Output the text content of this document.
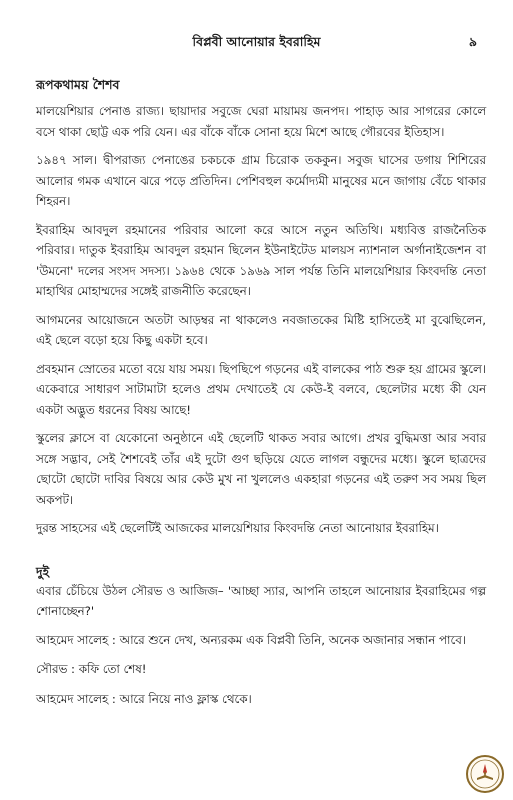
বিপ্লবী আনোয়ার ইবরাহিম	৯
রূপকথাময় শৈশব

মালয়েশিয়ার পেনাঙ রাজ্য। ছায়াদার সবুজে ঘেরা মায়াময় জনপদ। পাহাড় আর সাগরের কোলে বসে থাকা ছোট্ট এক পরি যেন। এর বাঁকে বাঁকে সোনা হয়ে মিশে আছে গৌরবের ইতিহাস।

১৯৪৭ সাল। দ্বীপরাজ্য পেনাঙের চকচকে গ্রাম চিরোক তককুন। সবুজ ঘাসের ডগায় শিশিরের আলোর গমক এখানে ঝরে পড়ে প্রতিদিন। পেশিবহুল কর্মোদ্যমী মানুষের মনে জাগায় বেঁচে থাকার শিহরন।

ইবরাহিম আবদুল রহমানের পরিবার আলো করে আসে নতুন অতিথি। মধ্যবিত্ত রাজনৈতিক পরিবার। দাতুক ইবরাহিম আবদুল রহমান ছিলেন ইউনাইটেড মালয়স ন্যাশনাল অর্গানাইজেশন বা 'উমনো' দলের সংসদ সদস্য। ১৯৬৪ থেকে ১৯৬৯ সাল পর্যন্ত তিনি মালয়েশিয়ার কিংবদন্তি নেতা মাহাথির মোহাম্মদের সঙ্গেই রাজনীতি করেছেন।

আগমনের আয়োজনে অতটা আড়ম্বর না থাকলেও নবজাতকের মিষ্টি হাসিতেই মা বুঝেছিলেন, এই ছেলে বড়ো হয়ে কিছু একটা হবে।

প্রবহমান স্রোতের মতো বয়ে যায় সময়। ছিপছিপে গড়নের এই বালকের পাঠ শুরু হয় গ্রামের স্কুলে। একেবারে সাধারণ সাটামাটা হলেও প্রথম দেখাতেই যে কেউ-ই বলবে, ছেলেটার মধ্যে কী যেন একটা অদ্ভুত ধরনের বিষয় আছে!

স্কুলের ক্লাসে বা যেকোনো অনুষ্ঠানে এই ছেলেটি থাকত সবার আগে। প্রখর বুদ্ধিমত্তা আর সবার সঙ্গে সদ্ভাব, সেই শৈশবেই তাঁর এই দুটো গুণ ছড়িয়ে যেতে লাগল বন্ধুদের মধ্যে। স্কুলে ছাত্রদের ছোটো ছোটো দাবির বিষয়ে আর কেউ মুখ না খুললেও একহারা গড়নের এই তরুণ সব সময় ছিল অকপট।

দুরন্ত সাহসের এই ছেলেটিই আজকের মালয়েশিয়ার কিংবদন্তি নেতা আনোয়ার ইবরাহিম।

দুই

এবার চেঁচিয়ে উঠল সৌরভ ও আজিজ– 'আচ্ছা স্যার, আপনি তাহলে আনোয়ার ইবরাহিমের গল্প শোনাচ্ছেন?'

আহমেদ সালেহ : আরে শুনে দেখ, অন্যরকম এক বিপ্লবী তিনি, অনেক অজানার সন্ধান পাবে।

সৌরভ : কফি তো শেষ!

আহমেদ সালেহ : আরে নিয়ে নাও ফ্লাস্ক থেকে।
